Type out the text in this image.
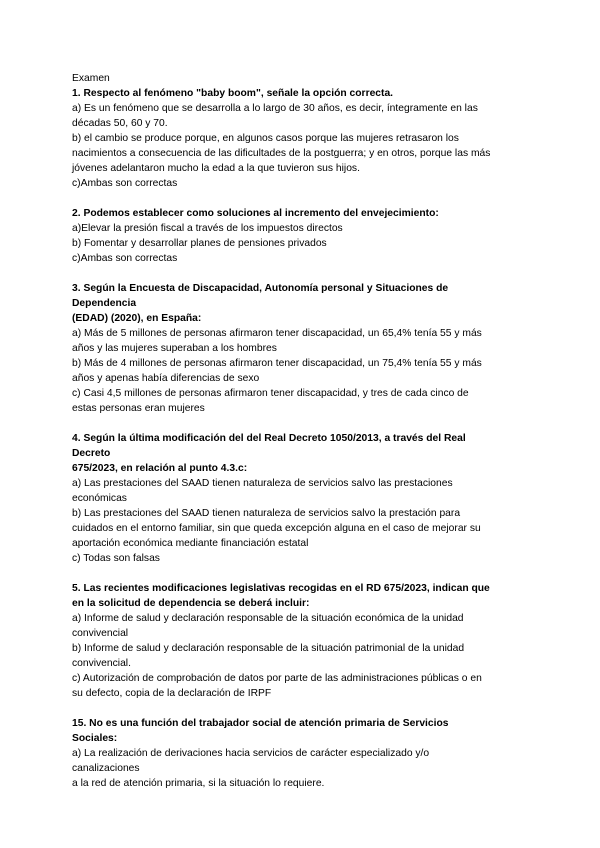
Examen

1. Respecto al fenómeno "baby boom", señale la opción correcta.

a) Es un fenómeno que se desarrolla a lo largo de 30 años, es decir, íntegramente en las

décadas 50, 60 y 70.

b) el cambio se produce porque, en algunos casos porque las mujeres retrasaron los

nacimientos a consecuencia de las dificultades de la postguerra; y en otros, porque las más

jóvenes adelantaron mucho la edad a la que tuvieron sus hijos.

c)Ambas son correctas

2. Podemos establecer como soluciones al incremento del envejecimiento:

a)Elevar la presión fiscal a través de los impuestos directos

b) Fomentar y desarrollar planes de pensiones privados

c)Ambas son correctas

3. Según la Encuesta de Discapacidad, Autonomía personal y Situaciones de

Dependencia

(EDAD) (2020), en España:

a) Más de 5 millones de personas afirmaron tener discapacidad, un 65,4% tenía 55 y más

años y las mujeres superaban a los hombres

b) Más de 4 millones de personas afirmaron tener discapacidad, un 75,4% tenía 55 y más

años y apenas había diferencias de sexo

c) Casi 4,5 millones de personas afirmaron tener discapacidad, y tres de cada cinco de

estas personas eran mujeres

4. Según la última modificación del del Real Decreto 1050/2013, a través del Real

Decreto

675/2023, en relación al punto 4.3.c:

a) Las prestaciones del SAAD tienen naturaleza de servicios salvo las prestaciones

económicas

b) Las prestaciones del SAAD tienen naturaleza de servicios salvo la prestación para

cuidados en el entorno familiar, sin que queda excepción alguna en el caso de mejorar su

aportación económica mediante financiación estatal

c) Todas son falsas

5. Las recientes modificaciones legislativas recogidas en el RD 675/2023, indican que

en la solicitud de dependencia se deberá incluir:

a) Informe de salud y declaración responsable de la situación económica de la unidad

convivencial

b) Informe de salud y declaración responsable de la situación patrimonial de la unidad

convivencial.

c) Autorización de comprobación de datos por parte de las administraciones públicas o en

su defecto, copia de la declaración de IRPF

15. No es una función del trabajador social de atención primaria de Servicios

Sociales:

a) La realización de derivaciones hacia servicios de carácter especializado y/o

canalizaciones

a la red de atención primaria, si la situación lo requiere.
